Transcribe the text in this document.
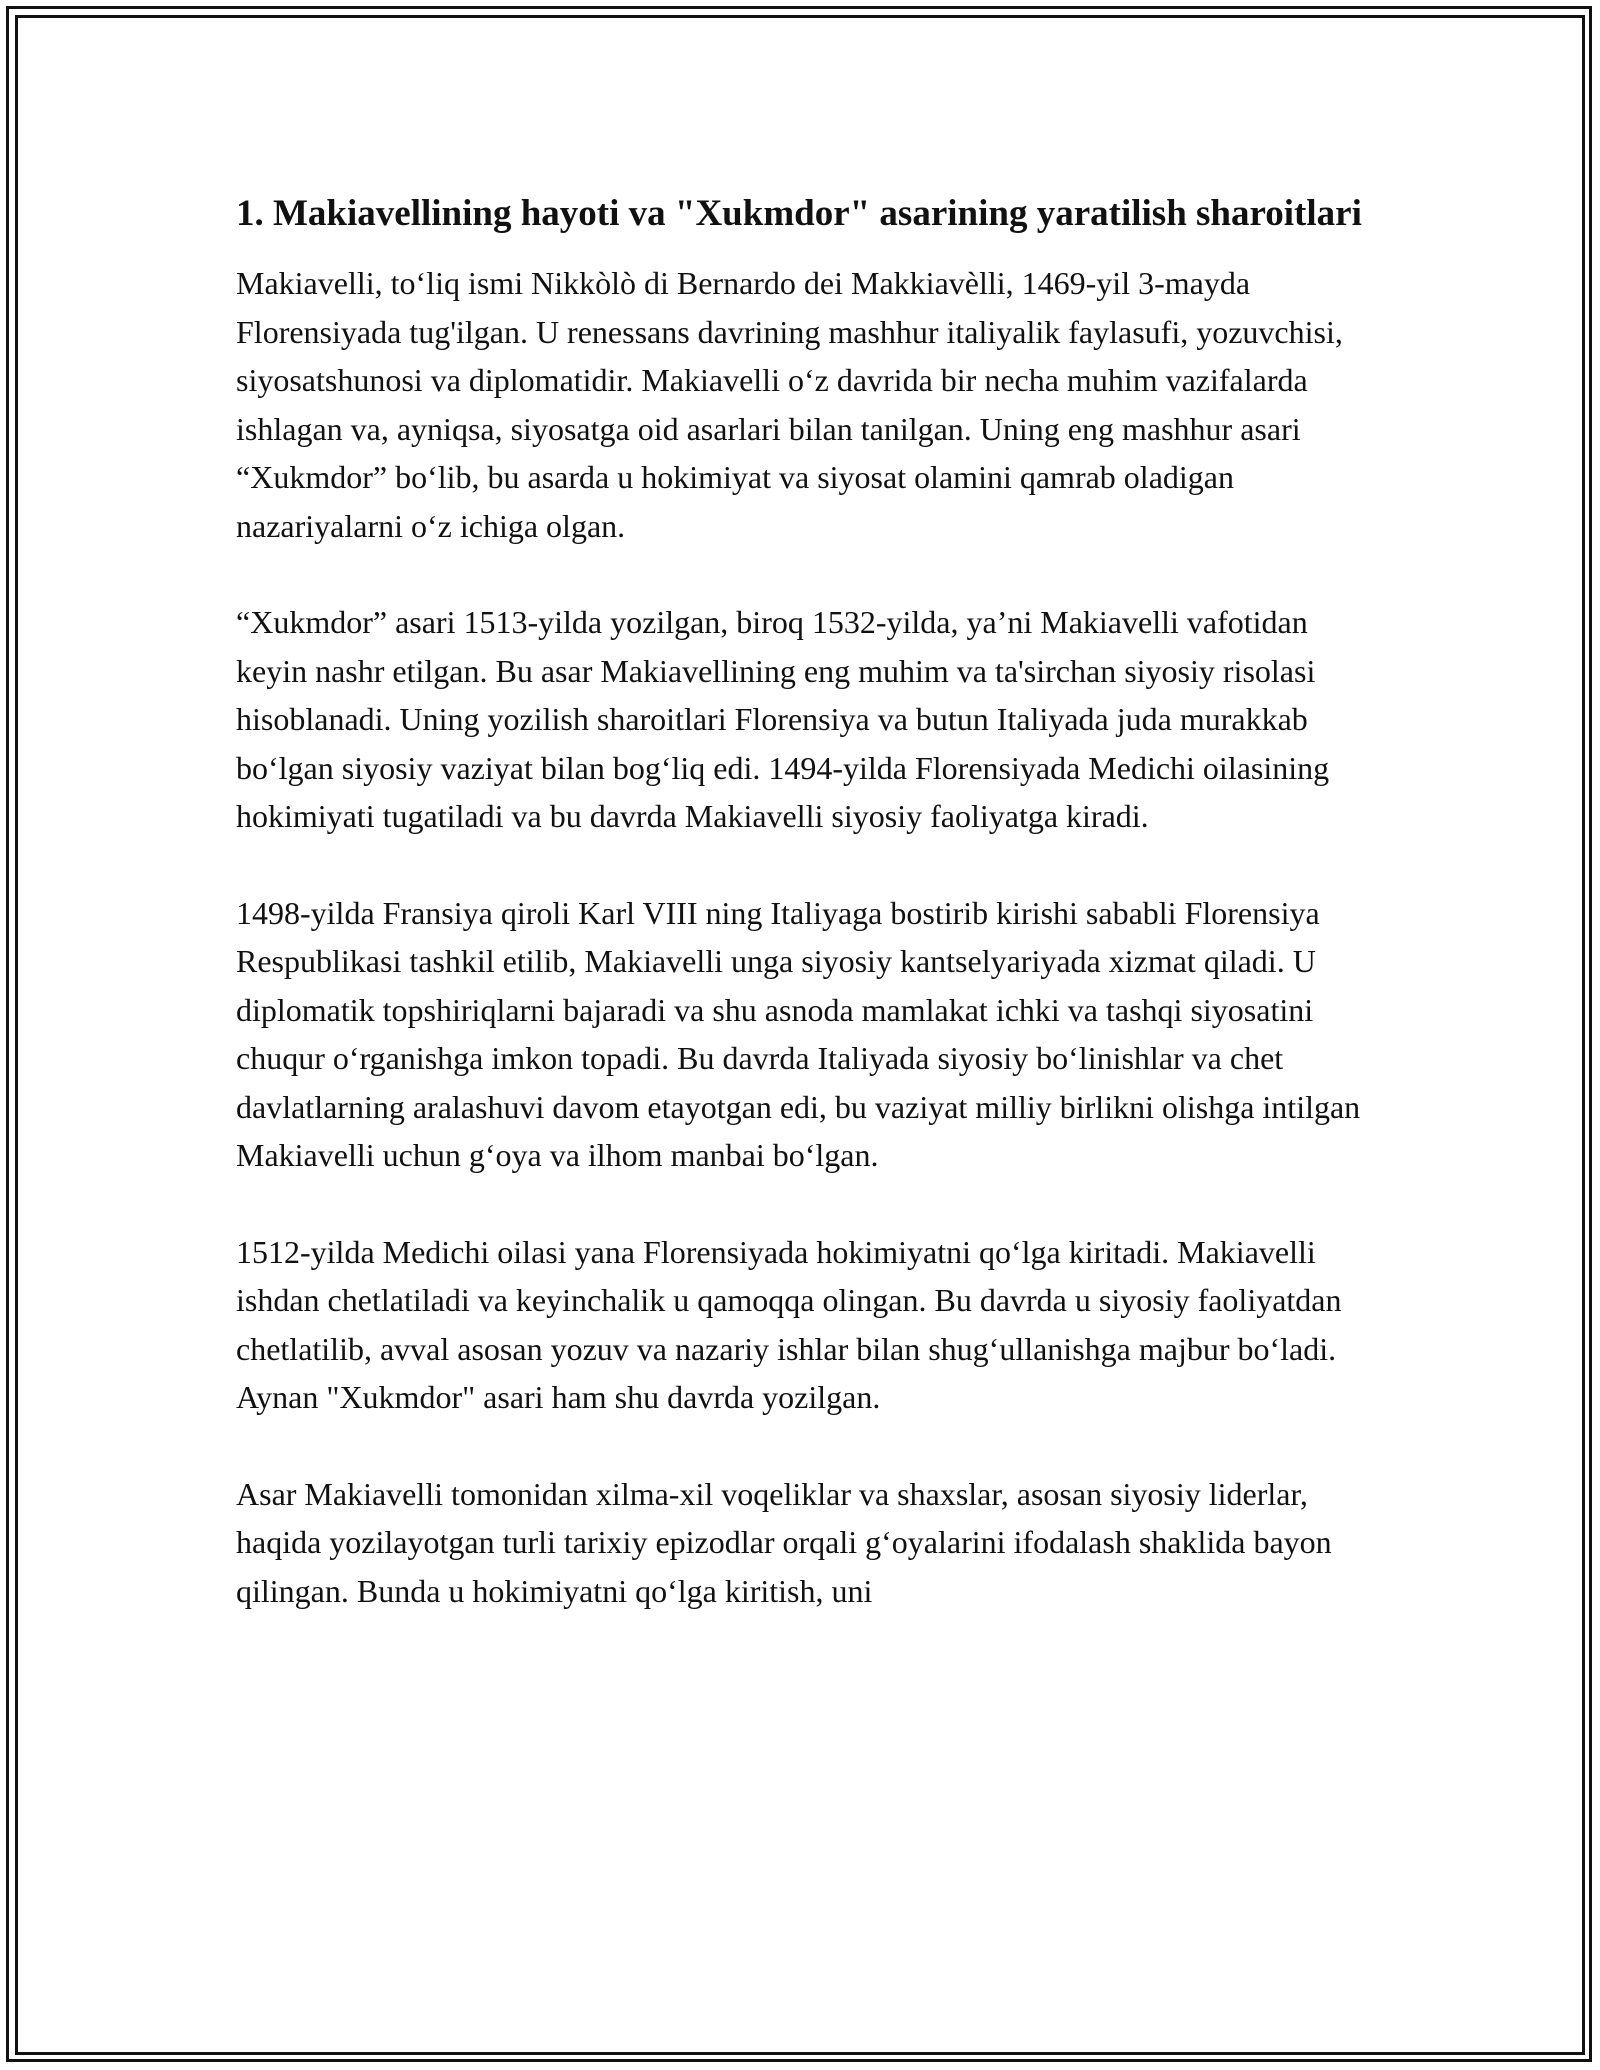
1. Makiavellining hayoti va "Xukmdor" asarining yaratilish sharoitlari

Makiavelli, to‘liq ismi Nikkòlò di Bernardo dei Makkiavèlli, 1469-yil 3-mayda Florensiyada tug'ilgan. U renessans davrining mashhur italiyalik faylasufi, yozuvchisi, siyosatshunosi va diplomatidir. Makiavelli o‘z davrida bir necha muhim vazifalarda ishlagan va, ayniqsa, siyosatga oid asarlari bilan tanilgan. Uning eng mashhur asari “Xukmdor” bo‘lib, bu asarda u hokimiyat va siyosat olamini qamrab oladigan nazariyalarni o‘z ichiga olgan.

“Xukmdor” asari 1513-yilda yozilgan, biroq 1532-yilda, ya’ni Makiavelli vafotidan keyin nashr etilgan. Bu asar Makiavellining eng muhim va ta'sirchan siyosiy risolasi hisoblanadi. Uning yozilish sharoitlari Florensiya va butun Italiyada juda murakkab bo‘lgan siyosiy vaziyat bilan bog‘liq edi. 1494-yilda Florensiyada Medichi oilasining hokimiyati tugatiladi va bu davrda Makiavelli siyosiy faoliyatga kiradi.

1498-yilda Fransiya qiroli Karl VIII ning Italiyaga bostirib kirishi sababli Florensiya Respublikasi tashkil etilib, Makiavelli unga siyosiy kantselyariyada xizmat qiladi. U diplomatik topshiriqlarni bajaradi va shu asnoda mamlakat ichki va tashqi siyosatini chuqur o‘rganishga imkon topadi. Bu davrda Italiyada siyosiy bo‘linishlar va chet davlatlarning aralashuvi davom etayotgan edi, bu vaziyat milliy birlikni olishga intilgan Makiavelli uchun g‘oya va ilhom manbai bo‘lgan.

1512-yilda Medichi oilasi yana Florensiyada hokimiyatni qo‘lga kiritadi. Makiavelli ishdan chetlatiladi va keyinchalik u qamoqqa olingan. Bu davrda u siyosiy faoliyatdan chetlatilib, avval asosan yozuv va nazariy ishlar bilan shug‘ullanishga majbur bo‘ladi. Aynan "Xukmdor" asari ham shu davrda yozilgan.

Asar Makiavelli tomonidan xilma-xil voqeliklar va shaxslar, asosan siyosiy liderlar, haqida yozilayotgan turli tarixiy epizodlar orqali g‘oyalarini ifodalash shaklida bayon qilingan. Bunda u hokimiyatni qo‘lga kiritish, uni
